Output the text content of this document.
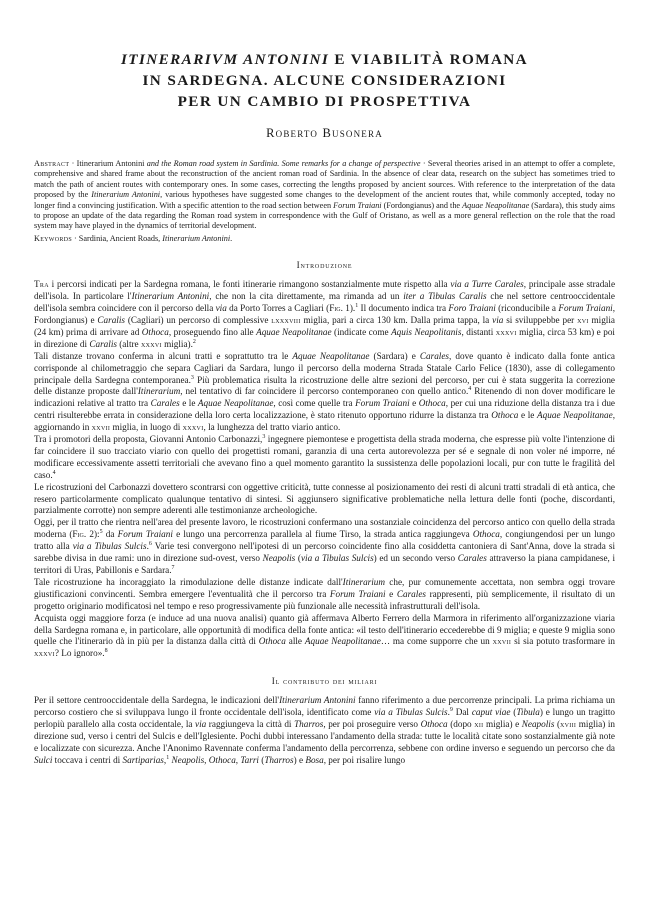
ITINERARIVM ANTONINI E VIABILITÀ ROMANA
IN SARDEGNA. ALCUNE CONSIDERAZIONI
PER UN CAMBIO DI PROSPETTIVA
Roberto Busonera
Abstract · Itinerarium Antonini and the Roman road system in Sardinia. Some remarks for a change of perspective · Several theories arised in an attempt to offer a complete, comprehensive and shared frame about the reconstruction of the ancient roman road of Sardinia. In the absence of clear data, research on the subject has sometimes tried to match the path of ancient routes with contemporary ones. In some cases, correcting the lengths proposed by ancient sources. With reference to the interpretation of the data proposed by the Itinerarium Antonini, various hypotheses have suggested some changes to the development of the ancient routes that, while commonly accepted, today no longer find a convincing justification. With a specific attention to the road section between Forum Traiani (Fordongianus) and the Aquae Neapolitanae (Sardara), this study aims to propose an update of the data regarding the Roman road system in correspondence with the Gulf of Oristano, as well as a more general reflection on the role that the road system may have played in the dynamics of territorial development.
Keywords · Sardinia, Ancient Roads, Itinerarium Antonini.
Introduzione

Tra i percorsi indicati per la Sardegna romana, le fonti itinerarie rimangono sostanzialmente mute rispetto alla via a Turre Carales, principale asse stradale dell'isola. In particolare l'Itinerarium Antonini, che non la cita direttamente, ma rimanda ad un iter a Tibulas Caralis che nel settore centrooccidentale dell'isola sembra coincidere con il percorso della via da Porto Torres a Cagliari (Fig. 1).$^1$ Il documento indica tra Foro Traiani (riconducibile a Forum Traiani, Fordongianus) e Caralis (Cagliari) un percorso di complessive lxxxviii miglia, pari a circa 130 km. Dalla prima tappa, la via si sviluppebbe per xvi miglia (24 km) prima di arrivare ad Othoca, proseguendo fino alle Aquae Neapolitanae (indicate come Aquis Neapolitanis, distanti xxxvi miglia, circa 53 km) e poi in direzione di Caralis (altre xxxvi miglia).$^2$

Tali distanze trovano conferma in alcuni tratti e soprattutto tra le Aquae Neapolitanae (Sardara) e Carales, dove quanto è indicato dalla fonte antica corrisponde al chilometraggio che separa Cagliari da Sardara, lungo il percorso della moderna Strada Statale Carlo Felice (1830), asse di collegamento principale della Sardegna contemporanea.$^3$ Più problematica risulta la ricostruzione delle altre sezioni del percorso, per cui è stata suggerita la correzione delle distanze proposte dall'Itinerarium, nel tentativo di far coincidere il percorso contemporaneo con quello antico.$^4$ Ritenendo di non dover modificare le indicazioni relative al tratto tra Carales e le Aquae Neapolitanae, così come quelle tra Forum Traiani e Othoca, per cui una riduzione della distanza tra i due centri risulterebbe errata in considerazione della loro certa localizzazione, è stato ritenuto opportuno ridurre la distanza tra Othoca e le Aquae Neapolitanae, aggiornando in xxvii miglia, in luogo di xxxvi, la lunghezza del tratto viario antico.

Tra i promotori della proposta, Giovanni Antonio Carbonazzi,$^3$ ingegnere piemontese e progettista della strada moderna, che espresse più volte l'intenzione di far coincidere il suo tracciato viario con quello dei progettisti romani, garanzia di una certa autorevolezza per sé e segnale di non voler né imporre, né modificare eccessivamente assetti territoriali che avevano fino a quel momento garantito la sussistenza delle popolazioni locali, pur con tutte le fragilità del caso.$^4$

Le ricostruzioni del Carbonazzi dovettero scontrarsi con oggettive criticità, tutte connesse al posizionamento dei resti di alcuni tratti stradali di età antica, che resero particolarmente complicato qualunque tentativo di sintesi. Si aggiunsero significative problematiche nella lettura delle fonti (poche, discordanti, parzialmente corrotte) non sempre aderenti alle testimonianze archeologiche.

Oggi, per il tratto che rientra nell'area del presente lavoro, le ricostruzioni confermano una sostanziale coincidenza del percorso antico con quello della strada moderna (Fig. 2):$^5$ da Forum Traiani e lungo una percorrenza parallela al fiume Tirso, la strada antica raggiungeva Othoca, congiungendosi per un lungo tratto alla via a Tibulas Sulcis.$^6$ Varie tesi convergono nell'ipotesi di un percorso coincidente fino alla cosiddetta cantoniera di Sant'Anna, dove la strada si sarebbe divisa in due rami: uno in direzione sud-ovest, verso Neapolis (via a Tibulas Sulcis) ed un secondo verso Carales attraverso la piana campidanese, i territori di Uras, Pabillonis e Sardara.$^7$

Tale ricostruzione ha incoraggiato la rimodulazione delle distanze indicate dall'Itinerarium che, pur comunemente accettata, non sembra oggi trovare giustificazioni convincenti. Sembra emergere l'eventualità che il percorso tra Forum Traiani e Carales rappresenti, più semplicemente, il risultato di un progetto originario modificatosi nel tempo e reso progressivamente più funzionale alle necessità infrastrutturali dell'isola.

Acquista oggi maggiore forza (e induce ad una nuova analisi) quanto già affermava Alberto Ferrero della Marmora in riferimento all'organizzazione viaria della Sardegna romana e, in particolare, alle opportunità di modifica della fonte antica: «il testo dell'itinerario eccederebbe di 9 miglia; e queste 9 miglia sono quelle che l'itinerario dà in più per la distanza dalla città di Othoca alle Aquae Neapolitanae… ma come supporre che un xxvii si sia potuto trasformare in xxxvi? Lo ignoro».$^8$

Il contributo dei miliari

Per il settore centrooccidentale della Sardegna, le indicazioni dell'Itinerarium Antonini fanno riferimento a due percorrenze principali. La prima richiama un percorso costiero che si sviluppava lungo il fronte occidentale dell'isola, identificato come via a Tibulas Sulcis.$^9$ Dal caput viae (Tibula) e lungo un tragitto perlopiù parallelo alla costa occidentale, la via raggiungeva la città di Tharros, per poi proseguire verso Othoca (dopo xii miglia) e Neapolis (xviii miglia) in direzione sud, verso i centri del Sulcis e dell'Iglesiente. Pochi dubbi interessano l'andamento della strada: tutte le località citate sono sostanzialmente già note e localizzate con sicurezza. Anche l'Anonimo Ravennate conferma l'andamento della percorrenza, sebbene con ordine inverso e seguendo un percorso che da Sulci toccava i centri di Sartiparias,$^1$ Neapolis, Othoca, Tarri (Tharros) e Bosa, per poi risalire lungo
